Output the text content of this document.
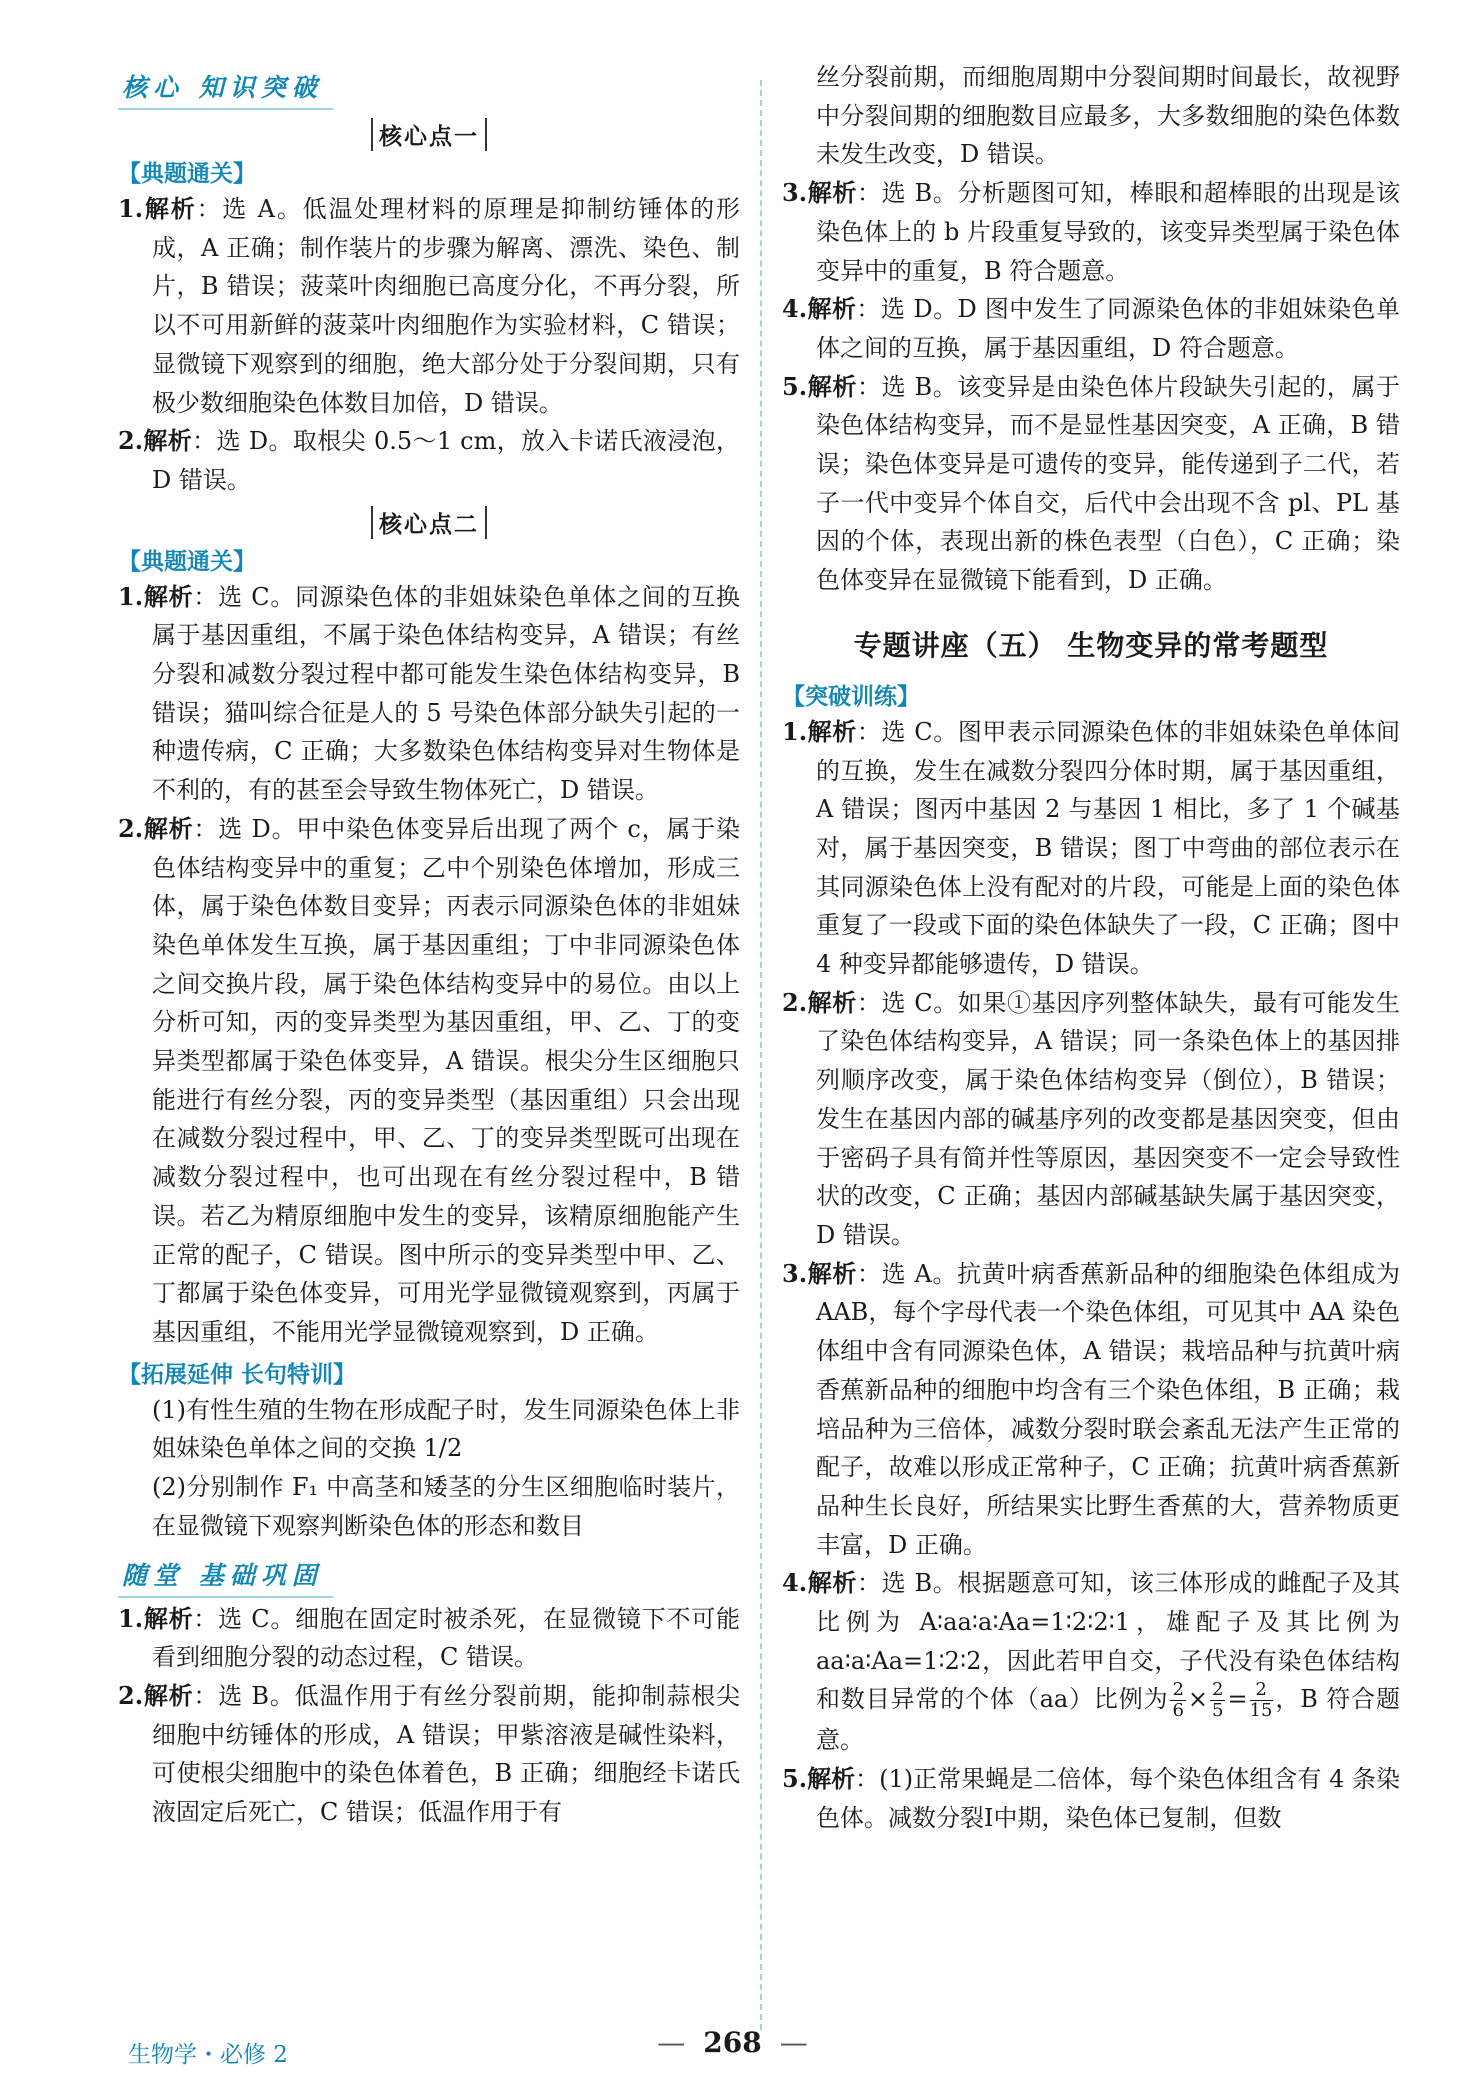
核心 知识突破
核心点一
【典题通关】

1.解析：选 A。低温处理材料的原理是抑制纺锤体的形成，A 正确；制作装片的步骤为解离、漂洗、染色、制片，B 错误；菠菜叶肉细胞已高度分化，不再分裂，所以不可用新鲜的菠菜叶肉细胞作为实验材料，C 错误；显微镜下观察到的细胞，绝大部分处于分裂间期，只有极少数细胞染色体数目加倍，D 错误。

2.解析：选 D。取根尖 0.5～1 cm，放入卡诺氏液浸泡，D 错误。

核心点二
【典题通关】

1.解析：选 C。同源染色体的非姐妹染色单体之间的互换属于基因重组，不属于染色体结构变异，A 错误；有丝分裂和减数分裂过程中都可能发生染色体结构变异，B 错误；猫叫综合征是人的 5 号染色体部分缺失引起的一种遗传病，C 正确；大多数染色体结构变异对生物体是不利的，有的甚至会导致生物体死亡，D 错误。

2.解析：选 D。甲中染色体变异后出现了两个 c，属于染色体结构变异中的重复；乙中个别染色体增加，形成三体，属于染色体数目变异；丙表示同源染色体的非姐妹染色单体发生互换，属于基因重组；丁中非同源染色体之间交换片段，属于染色体结构变异中的易位。由以上分析可知，丙的变异类型为基因重组，甲、乙、丁的变异类型都属于染色体变异，A 错误。根尖分生区细胞只能进行有丝分裂，丙的变异类型（基因重组）只会出现在减数分裂过程中，甲、乙、丁的变异类型既可出现在减数分裂过程中，也可出现在有丝分裂过程中，B 错误。若乙为精原细胞中发生的变异，该精原细胞能产生正常的配子，C 错误。图中所示的变异类型中甲、乙、丁都属于染色体变异，可用光学显微镜观察到，丙属于基因重组，不能用光学显微镜观察到，D 正确。

【拓展延伸 长句特训】

(1)有性生殖的生物在形成配子时，发生同源染色体上非姐妹染色单体之间的交换 1/2

(2)分别制作 F₁ 中高茎和矮茎的分生区细胞临时装片，在显微镜下观察判断染色体的形态和数目

随堂 基础巩固

1.解析：选 C。细胞在固定时被杀死，在显微镜下不可能看到细胞分裂的动态过程，C 错误。

2.解析：选 B。低温作用于有丝分裂前期，能抑制蒜根尖细胞中纺锤体的形成，A 错误；甲紫溶液是碱性染料，可使根尖细胞中的染色体着色，B 正确；细胞经卡诺氏液固定后死亡，C 错误；低温作用于有

丝分裂前期，而细胞周期中分裂间期时间最长，故视野中分裂间期的细胞数目应最多，大多数细胞的染色体数未发生改变，D 错误。

3.解析：选 B。分析题图可知，棒眼和超棒眼的出现是该染色体上的 b 片段重复导致的，该变异类型属于染色体变异中的重复，B 符合题意。

4.解析：选 D。D 图中发生了同源染色体的非姐妹染色单体之间的互换，属于基因重组，D 符合题意。

5.解析：选 B。该变异是由染色体片段缺失引起的，属于染色体结构变异，而不是显性基因突变，A 正确，B 错误；染色体变异是可遗传的变异，能传递到子二代，若子一代中变异个体自交，后代中会出现不含 pl、PL 基因的个体，表现出新的株色表型（白色），C 正确；染色体变异在显微镜下能看到，D 正确。

专题讲座（五） 生物变异的常考题型
【突破训练】

1.解析：选 C。图甲表示同源染色体的非姐妹染色单体间的互换，发生在减数分裂四分体时期，属于基因重组，A 错误；图丙中基因 2 与基因 1 相比，多了 1 个碱基对，属于基因突变，B 错误；图丁中弯曲的部位表示在其同源染色体上没有配对的片段，可能是上面的染色体重复了一段或下面的染色体缺失了一段，C 正确；图中 4 种变异都能够遗传，D 错误。

2.解析：选 C。如果①基因序列整体缺失，最有可能发生了染色体结构变异，A 错误；同一条染色体上的基因排列顺序改变，属于染色体结构变异（倒位），B 错误；发生在基因内部的碱基序列的改变都是基因突变，但由于密码子具有简并性等原因，基因突变不一定会导致性状的改变，C 正确；基因内部碱基缺失属于基因突变，D 错误。

3.解析：选 A。抗黄叶病香蕉新品种的细胞染色体组成为 AAB，每个字母代表一个染色体组，可见其中 AA 染色体组中含有同源染色体，A 错误；栽培品种与抗黄叶病香蕉新品种的细胞中均含有三个染色体组，B 正确；栽培品种为三倍体，减数分裂时联会紊乱无法产生正常的配子，故难以形成正常种子，C 正确；抗黄叶病香蕉新品种生长良好，所结果实比野生香蕉的大，营养物质更丰富，D 正确。

4.解析：选 B。根据题意可知，该三体形成的雌配子及其比例为 A∶aa∶a∶Aa=1∶2∶2∶1，雄配子及其比例为 aa∶a∶Aa=1∶2∶2，因此若甲自交，子代没有染色体结构和数目异常的个体（aa）比例为 $\frac{2}{6} \times \frac{2}{5} = \frac{2}{15}$ ，B 符合题意。

5.解析：(1)正常果蝇是二倍体，每个染色体组含有 4 条染色体。减数分裂Ⅰ中期，染色体已复制，但数

生物学・必修 2	— 268 —
